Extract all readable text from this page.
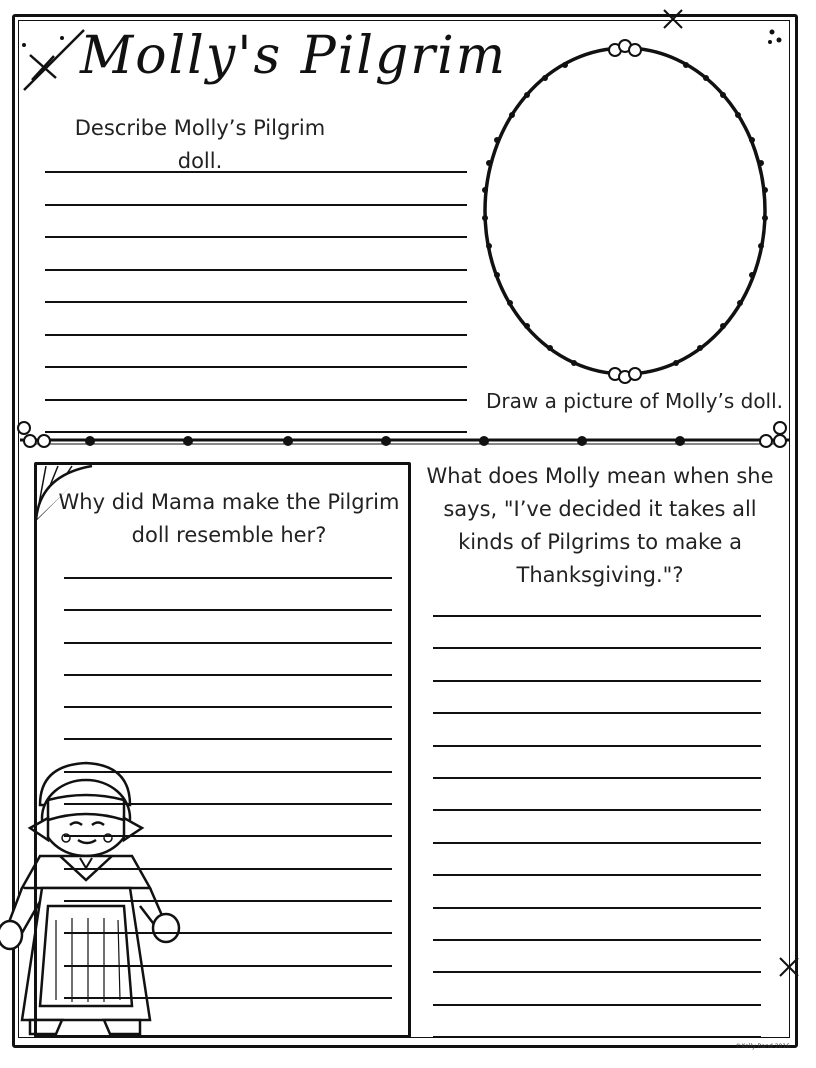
Molly's Pilgrim
Describe Molly’s Pilgrim doll.
Draw a picture of Molly’s doll.
Why did Mama make the Pilgrim doll resemble her?
What does Molly mean when she says, "I’ve decided it takes all kinds of Pilgrims to make a Thanksgiving."?
©Kelly Rand 2016
